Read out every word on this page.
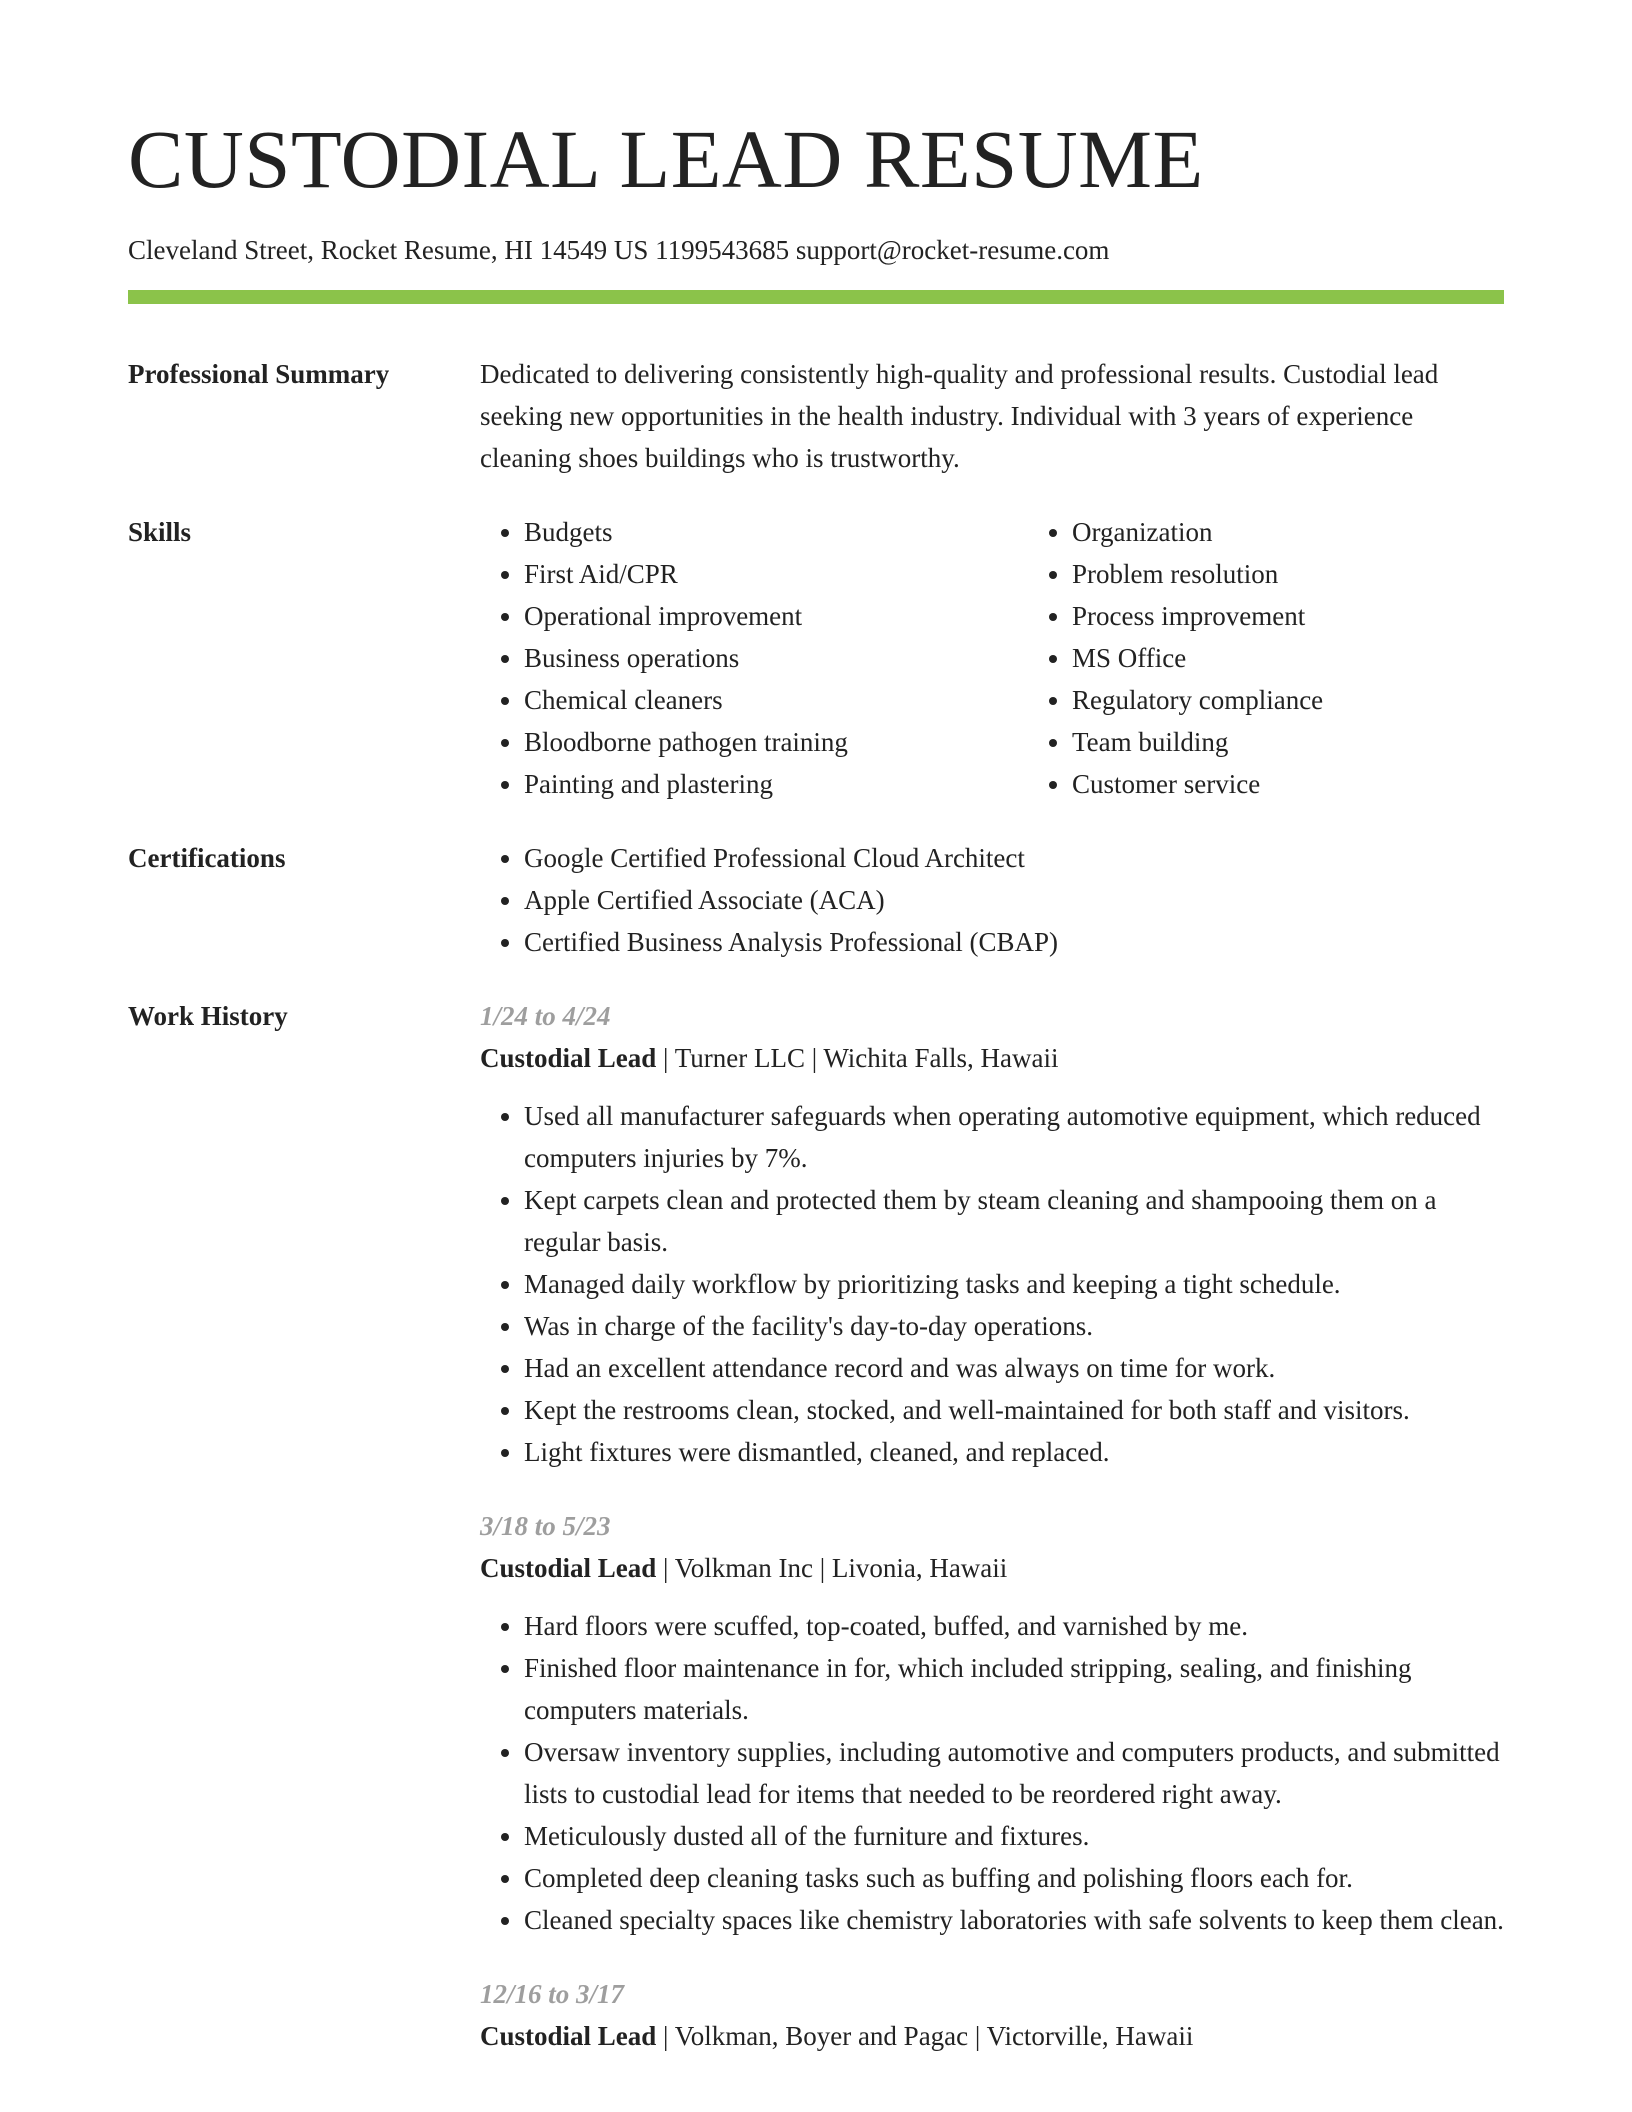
CUSTODIAL LEAD RESUME
Cleveland Street, Rocket Resume, HI 14549 US 1199543685 support@rocket-resume.com
Professional Summary	Dedicated to delivering consistently high-quality and professional results. Custodial lead seeking new opportunities in the health industry. Individual with 3 years of experience cleaning shoes buildings who is trustworthy.
Skills	• Budgets
• First Aid/CPR
• Operational improvement
• Business operations
• Chemical cleaners
• Bloodborne pathogen training
• Painting and plastering
• Organization
• Problem resolution
• Process improvement
• MS Office
• Regulatory compliance
• Team building
• Customer service
Certifications	• Google Certified Professional Cloud Architect
• Apple Certified Associate (ACA)
• Certified Business Analysis Professional (CBAP)
Work History	1/24 to 4/24
Custodial Lead | Turner LLC | Wichita Falls, Hawaii
• Used all manufacturer safeguards when operating automotive equipment, which reduced computers injuries by 7%.
• Kept carpets clean and protected them by steam cleaning and shampooing them on a regular basis.
• Managed daily workflow by prioritizing tasks and keeping a tight schedule.
• Was in charge of the facility's day-to-day operations.
• Had an excellent attendance record and was always on time for work.
• Kept the restrooms clean, stocked, and well-maintained for both staff and visitors.
• Light fixtures were dismantled, cleaned, and replaced.
3/18 to 5/23
Custodial Lead | Volkman Inc | Livonia, Hawaii
• Hard floors were scuffed, top-coated, buffed, and varnished by me.
• Finished floor maintenance in for, which included stripping, sealing, and finishing computers materials.
• Oversaw inventory supplies, including automotive and computers products, and submitted lists to custodial lead for items that needed to be reordered right away.
• Meticulously dusted all of the furniture and fixtures.
• Completed deep cleaning tasks such as buffing and polishing floors each for.
• Cleaned specialty spaces like chemistry laboratories with safe solvents to keep them clean.
12/16 to 3/17
Custodial Lead | Volkman, Boyer and Pagac | Victorville, Hawaii
